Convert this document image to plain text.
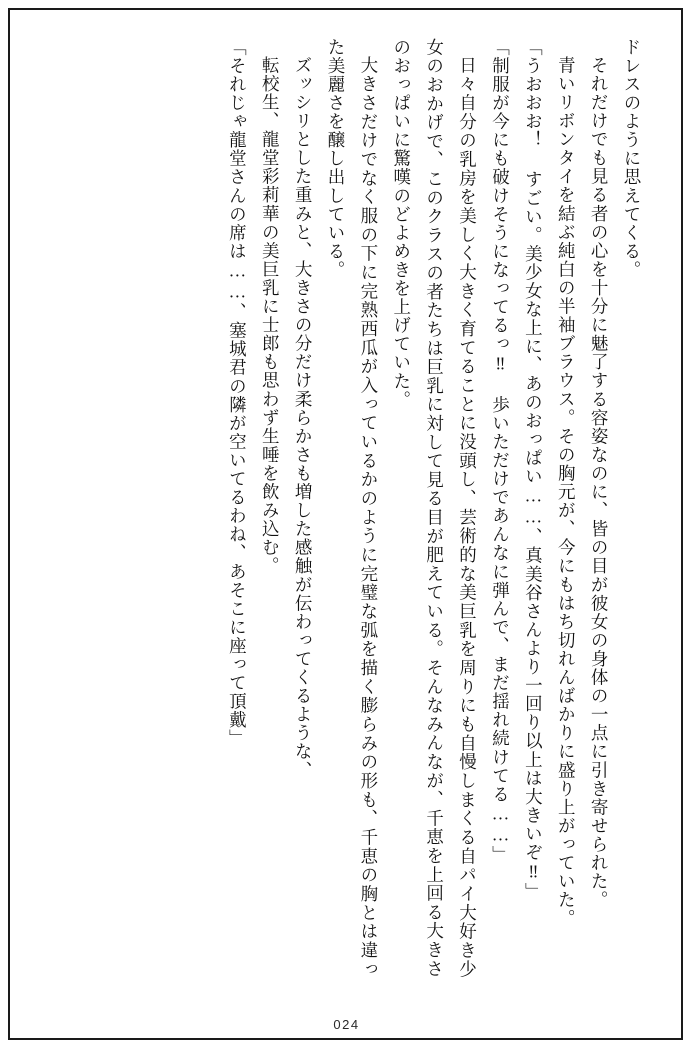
ドレスのように思えてくる。

それだけでも見る者の心を十分に魅了する容姿なのに、皆の目が彼女の身体の一点に引き寄せられた。

青いリボンタイを結ぶ純白の半袖ブラウス。その胸元が、今にもはち切れんばかりに盛り上がっていた。

「うおおお！ すごい。美少女な上に、あのおっぱい……、真美谷さんより一回り以上は大きいぞ‼」

「制服が今にも破けそうになってるっ‼ 歩いただけであんなに弾んで、まだ揺れ続けてる……」

日々自分の乳房を美しく大きく育てることに没頭し、芸術的な美巨乳を周りにも自慢しまくる自パイ大好き少女のおかげで、このクラスの者たちは巨乳に対して見る目が肥えている。そんなみんなが、千恵を上回る大きさのおっぱいに驚嘆のどよめきを上げていた。

大きさだけでなく服の下に完熟西瓜が入っているかのように完璧な弧を描く膨らみの形も、千恵の胸とは違った美麗さを醸し出している。

ズッシリとした重みと、大きさの分だけ柔らかさも増した感触が伝わってくるような、

転校生、龍堂彩莉華の美巨乳に士郎も思わず生唾を飲み込む。

「それじゃ龍堂さんの席は……、塞城君の隣が空いてるわね、あそこに座って頂戴」

024
